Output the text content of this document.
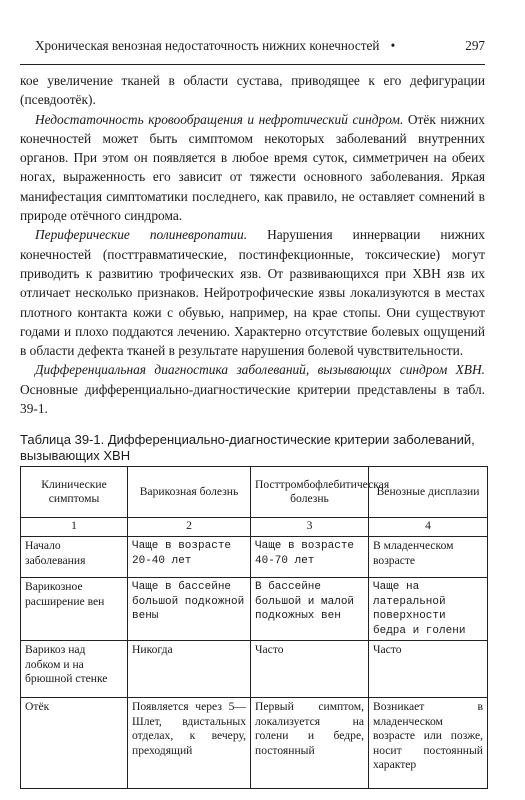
Хроническая венозная недостаточность нижних конечностей •	297

кое увеличение тканей в области сустава, приводящее к его дефигурации (псевдоотёк).

Недостаточность кровообращения и нефротический синдром. Отёк нижних конечностей может быть симптомом некоторых заболеваний внутренних органов. При этом он появляется в любое время суток, симметричен на обеих ногах, выраженность его зависит от тяжести основного заболевания. Яркая манифестация симптоматики последнего, как правило, не оставляет сомнений в природе отёчного синдрома.

Периферические полиневропатии. Нарушения иннервации нижних конечностей (посттравматические, постинфекционные, токсические) могут приводить к развитию трофических язв. От развивающихся при ХВН язв их отличает несколько признаков. Нейротрофические язвы локализуются в местах плотного контакта кожи с обувью, например, на крае стопы. Они существуют годами и плохо поддаются лечению. Характерно отсутствие болевых ощущений в области дефекта тканей в результате нарушения болевой чувствительности.

Дифференциальная диагностика заболеваний, вызывающих синдром ХВН. Основные дифференциально-диагностические критерии представлены в табл. 39-1.

Таблица 39-1. Дифференциально-диагностические критерии заболеваний, вызывающих ХВН
Клинические симптомы	Варикозная болезнь	Посттромбофлебитическая болезнь	Венозные дисплазии
1	2	3	4
Начало заболевания	Чаще в возрасте 20-40 лет	Чаще в возрасте 40-70 лет	В младенческом возрасте
Варикозное расширение вен	Чаще в бассейне большой подкожной вены	В бассейне большой и малой подкожных вен	Чаще на латеральной поверхности бедра и голени
Варикоз над лобком и на брюшной стенке	Никогда	Часто	Часто
Отёк	Появляется через 5—Шлет, вдистальных отделах, к вечеру, преходящий	Первый симптом, локализуется на голени и бедре, постоянный	Возникает в младенческом возрасте или позже, носит постоянный характер
